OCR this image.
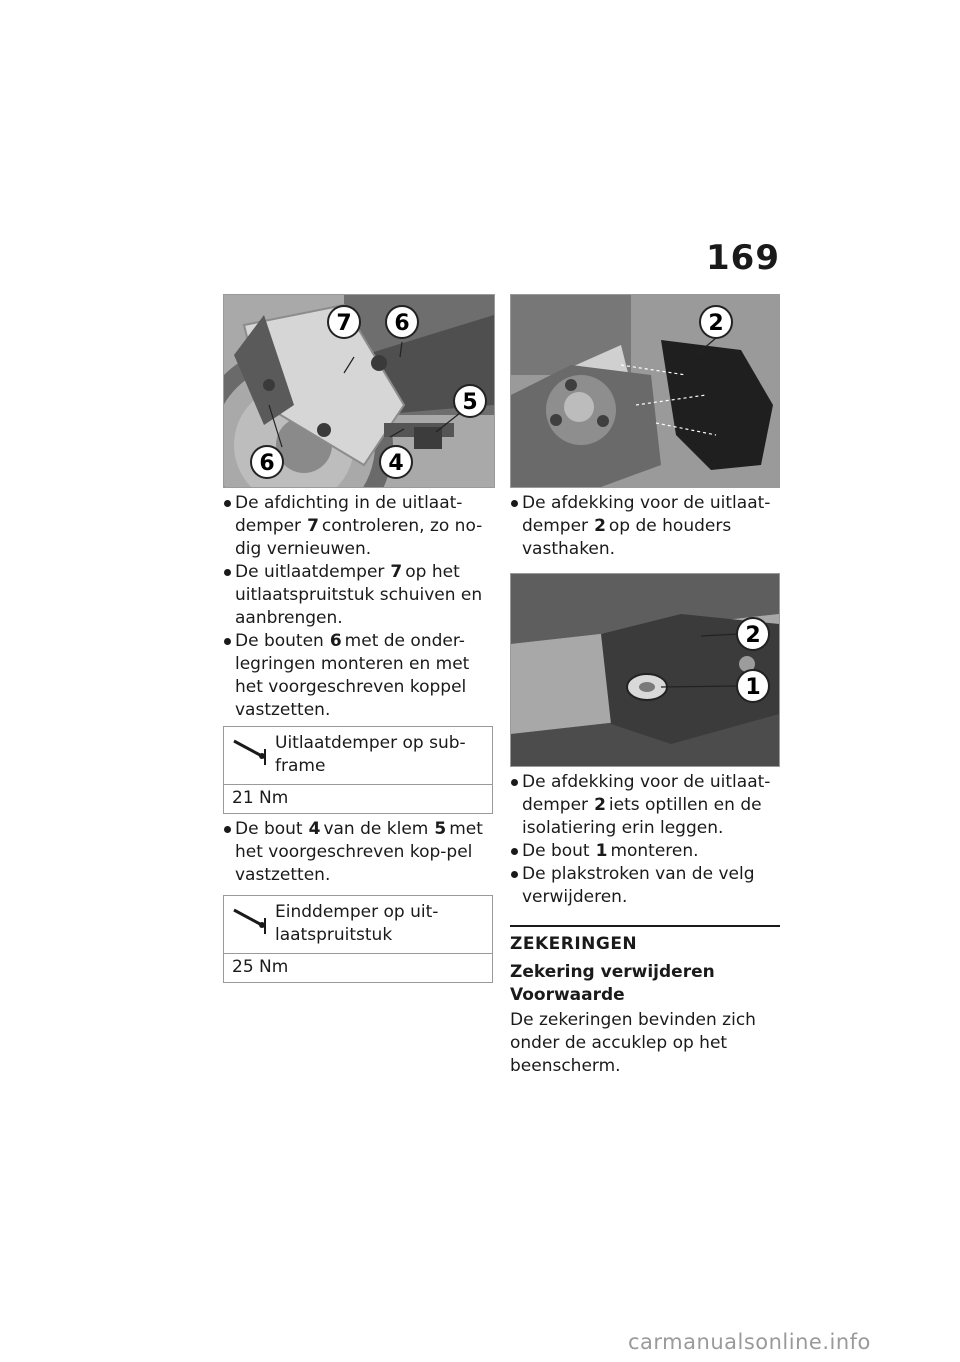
169
7 6
5
6	4
2
2
1
De afdichting in de uitlaat-demper 7 controleren, zo no-dig vernieuwen.
De uitlaatdemper 7 op het uitlaatspruitstuk schuiven en aanbrengen.
De bouten 6 met de onder-legringen monteren en met het voorgeschreven koppel vastzetten.
Uitlaatdemper op sub-frame
21 Nm
De bout 4 van de klem 5 met het voorgeschreven kop-pel vastzetten.
Einddemper op uit-laatspruitstuk
25 Nm
De afdekking voor de uitlaat-demper 2 op de houders vasthaken.
De afdekking voor de uitlaat-demper 2 iets optillen en de isolatiering erin leggen.
De bout 1 monteren.
De plakstroken van de velg verwijderen.
ZEKERINGEN
Zekering verwijderen
Voorwaarde
De zekeringen bevinden zich onder de accuklep op het beenscherm.
carmanualsonline.info
